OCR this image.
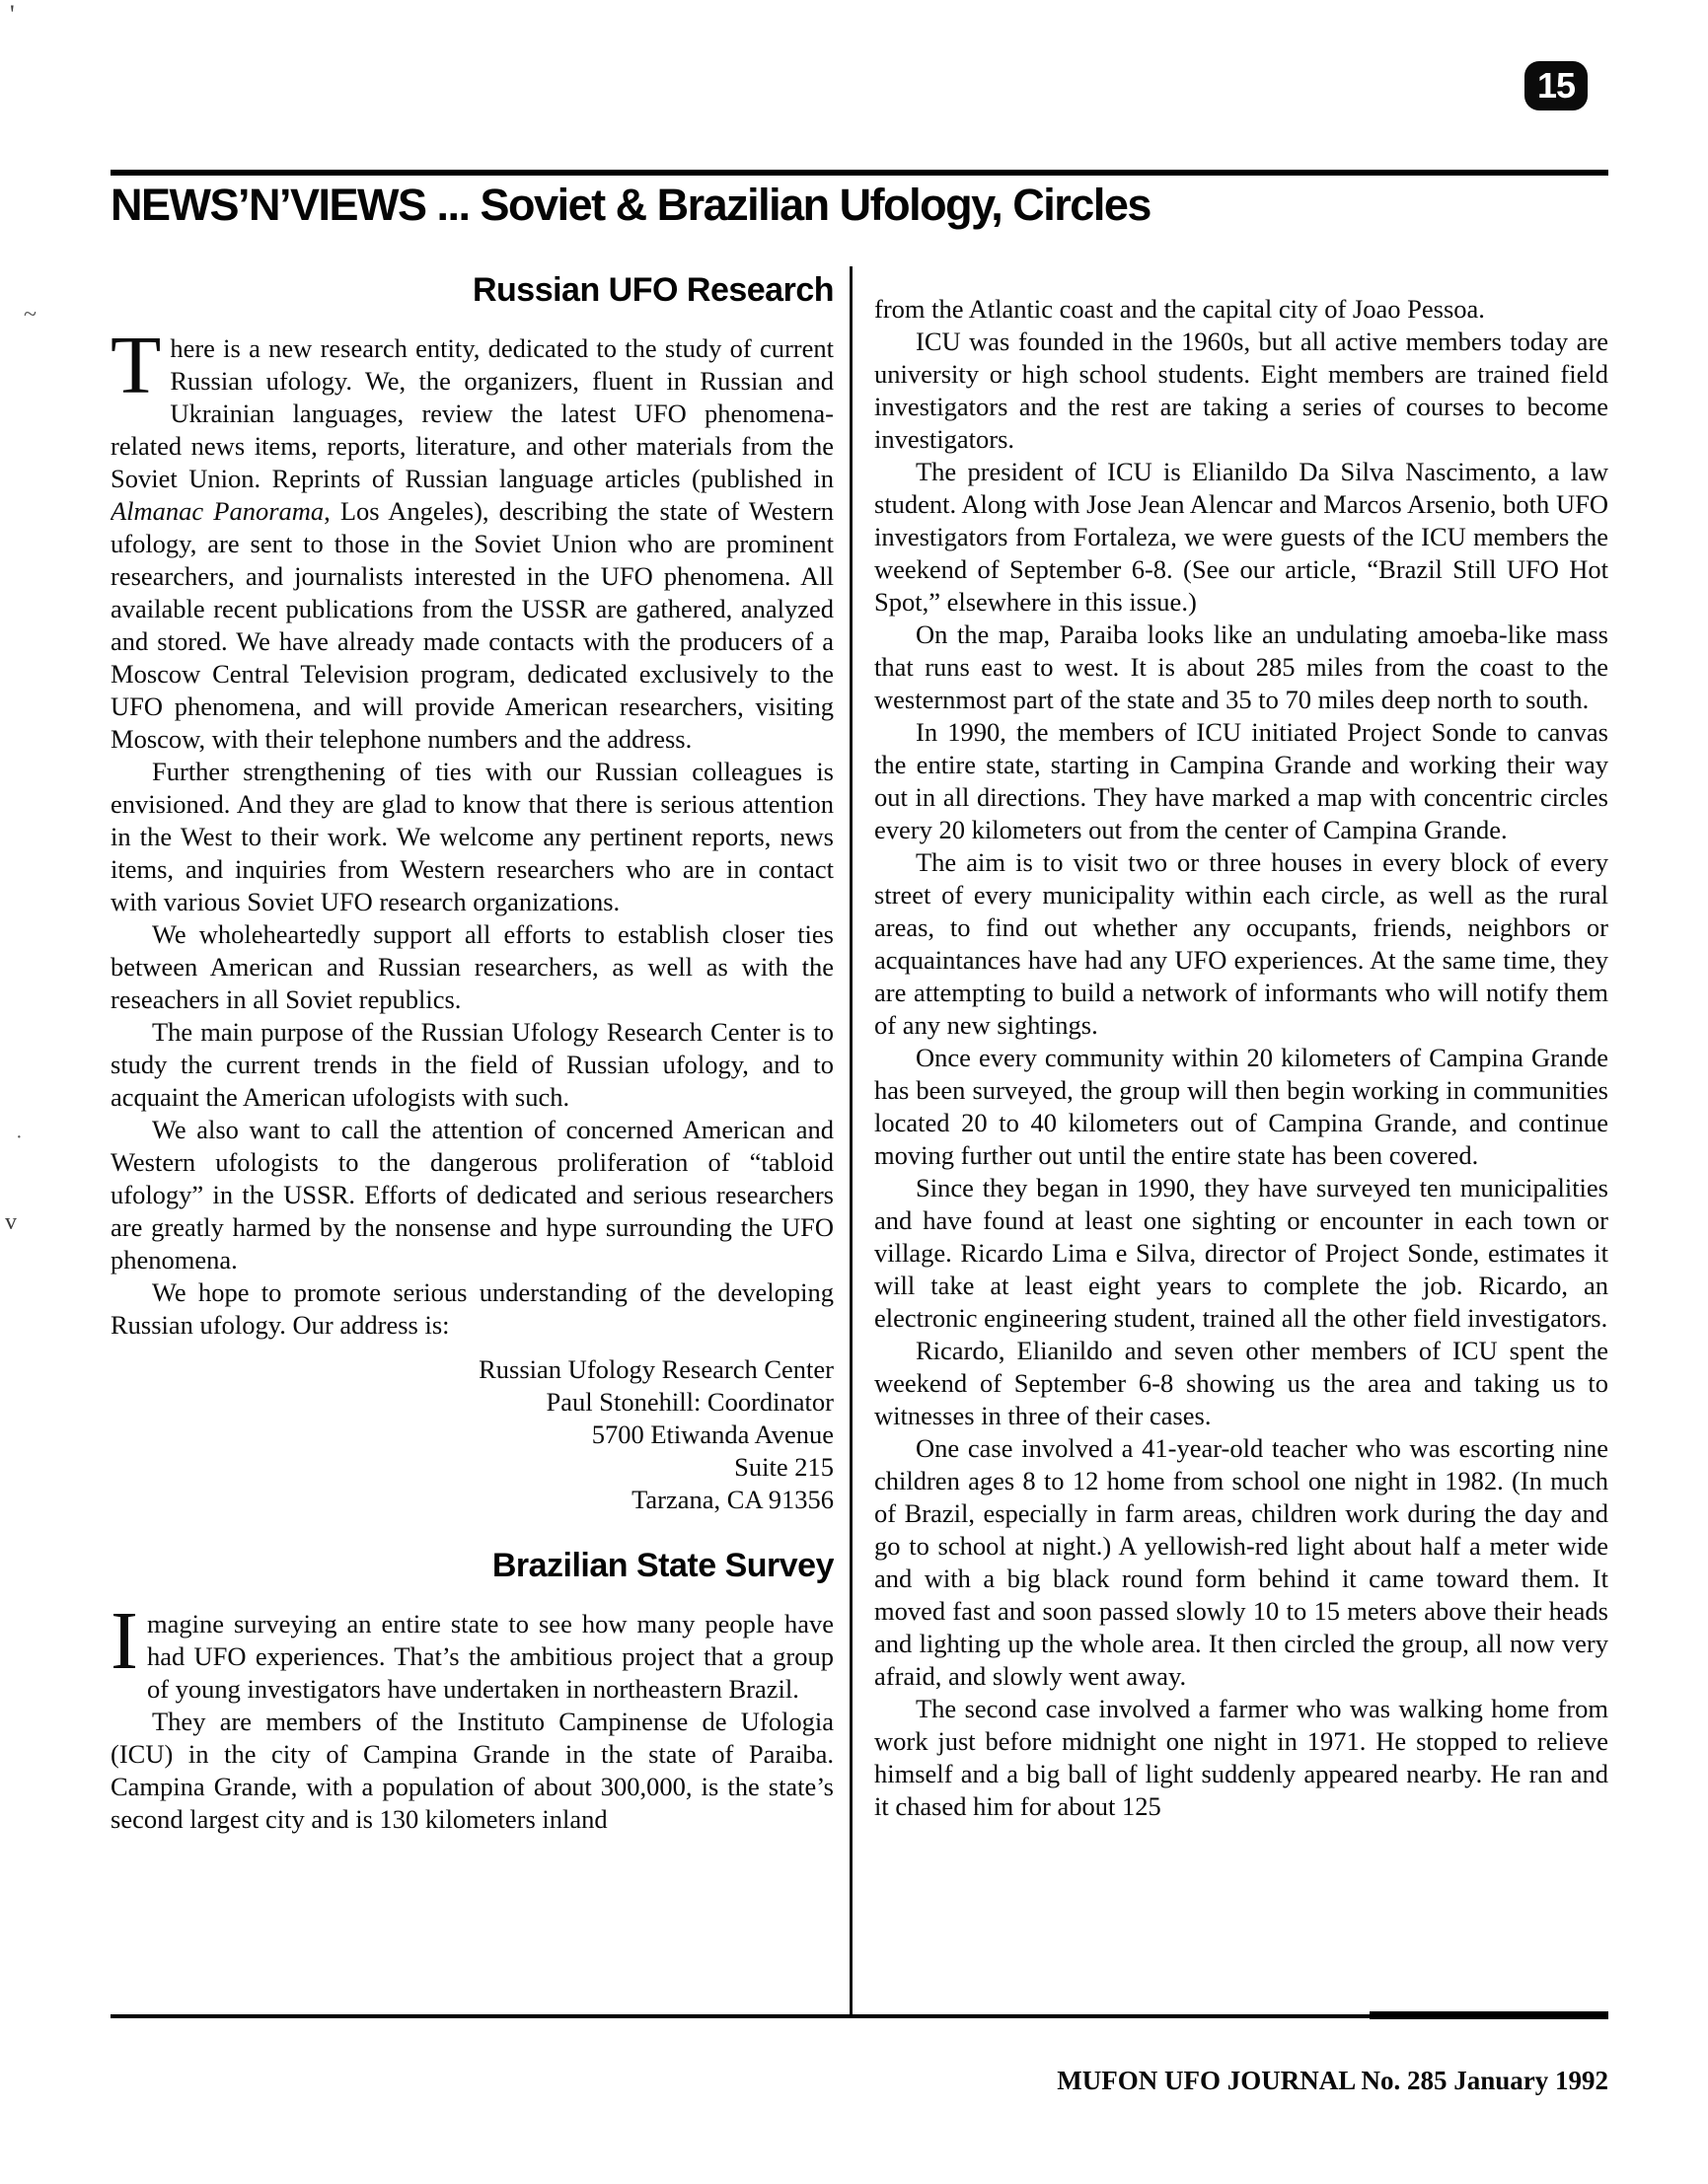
'
~
·
v
15
NEWS’N’VIEWS ... Soviet & Brazilian Ufology, Circles
Russian UFO Research

There is a new research entity, dedicated to the study of current Russian ufology. We, the organizers, fluent in Russian and Ukrainian languages, review the latest UFO phenomena-related news items, reports, literature, and other materials from the Soviet Union. Reprints of Russian language articles (published in Almanac Panorama, Los Angeles), describing the state of Western ufology, are sent to those in the Soviet Union who are prominent researchers, and journalists interested in the UFO phenomena. All available recent publications from the USSR are gathered, analyzed and stored. We have already made contacts with the producers of a Moscow Central Television program, dedicated exclusively to the UFO phenomena, and will provide American researchers, visiting Moscow, with their telephone numbers and the address.

Further strengthening of ties with our Russian colleagues is envisioned. And they are glad to know that there is serious attention in the West to their work. We welcome any pertinent reports, news items, and inquiries from Western researchers who are in contact with various Soviet UFO research organizations.

We wholeheartedly support all efforts to establish closer ties between American and Russian researchers, as well as with the reseachers in all Soviet republics.

The main purpose of the Russian Ufology Research Center is to study the current trends in the field of Russian ufology, and to acquaint the American ufologists with such.

We also want to call the attention of concerned American and Western ufologists to the dangerous proliferation of “tabloid ufology” in the USSR. Efforts of dedicated and serious researchers are greatly harmed by the nonsense and hype surrounding the UFO phenomena.

We hope to promote serious understanding of the developing Russian ufology. Our address is:

Russian Ufology Research Center
Paul Stonehill: Coordinator
5700 Etiwanda Avenue
Suite 215
Tarzana, CA 91356
Brazilian State Survey

Imagine surveying an entire state to see how many people have had UFO experiences. That’s the ambitious project that a group of young investigators have undertaken in northeastern Brazil.

They are members of the Instituto Campinense de Ufologia (ICU) in the city of Campina Grande in the state of Paraiba. Campina Grande, with a population of about 300,000, is the state’s second largest city and is 130 kilometers inland

from the Atlantic coast and the capital city of Joao Pessoa.

ICU was founded in the 1960s, but all active members today are university or high school students. Eight members are trained field investigators and the rest are taking a series of courses to become investigators.

The president of ICU is Elianildo Da Silva Nascimento, a law student. Along with Jose Jean Alencar and Marcos Arsenio, both UFO investigators from Fortaleza, we were guests of the ICU members the weekend of September 6-8. (See our article, “Brazil Still UFO Hot Spot,” elsewhere in this issue.)

On the map, Paraiba looks like an undulating amoeba-like mass that runs east to west. It is about 285 miles from the coast to the westernmost part of the state and 35 to 70 miles deep north to south.

In 1990, the members of ICU initiated Project Sonde to canvas the entire state, starting in Campina Grande and working their way out in all directions. They have marked a map with concentric circles every 20 kilometers out from the center of Campina Grande.

The aim is to visit two or three houses in every block of every street of every municipality within each circle, as well as the rural areas, to find out whether any occupants, friends, neighbors or acquaintances have had any UFO experiences. At the same time, they are attempting to build a network of informants who will notify them of any new sightings.

Once every community within 20 kilometers of Campina Grande has been surveyed, the group will then begin working in communities located 20 to 40 kilometers out of Campina Grande, and continue moving further out until the entire state has been covered.

Since they began in 1990, they have surveyed ten municipalities and have found at least one sighting or encounter in each town or village. Ricardo Lima e Silva, director of Project Sonde, estimates it will take at least eight years to complete the job. Ricardo, an electronic engineering student, trained all the other field investigators.

Ricardo, Elianildo and seven other members of ICU spent the weekend of September 6-8 showing us the area and taking us to witnesses in three of their cases.

One case involved a 41-year-old teacher who was escorting nine children ages 8 to 12 home from school one night in 1982. (In much of Brazil, especially in farm areas, children work during the day and go to school at night.) A yellowish-red light about half a meter wide and with a big black round form behind it came toward them. It moved fast and soon passed slowly 10 to 15 meters above their heads and lighting up the whole area. It then circled the group, all now very afraid, and slowly went away.

The second case involved a farmer who was walking home from work just before midnight one night in 1971. He stopped to relieve himself and a big ball of light suddenly appeared nearby. He ran and it chased him for about 125

MUFON UFO JOURNAL No. 285 January 1992
